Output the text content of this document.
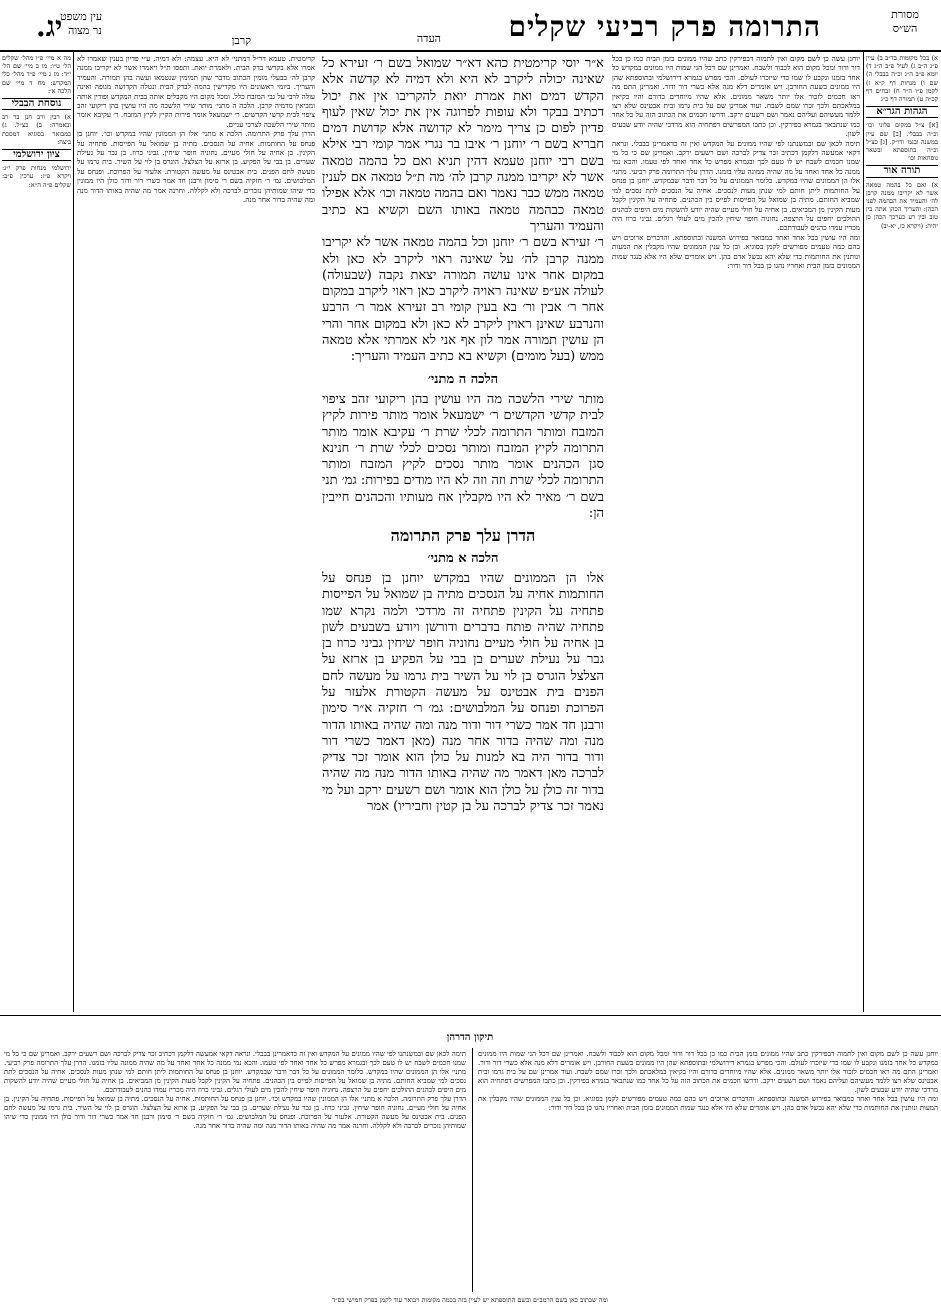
מסורת
הש״ס
התרומה פרק רביעי שקלים
קרבן	העדה
עין משפט
נר מצוה
יג.
א) בכל מקומות בד״ב ב) עיין פ״ג ה״ב ג) לעיל פ״ב ה״ג ד) יומא פ״ב ה״ג וכ״ה בבבלי ה) שם ו) מנחות דף ק״א ז) לקמן פ״ו ה״ד ח) זבחים דף קכ״ה ט) תמורה דף כ״ג
הגהות הגר״א
[א] צ״ל במקום פלוני וכו׳ וכ״ה בבבלי. [ב] שם עיין במשנה ובגמ׳ ודו״ק. [ג] כצ״ל וכ״ה בתוספתא ובשאר נוסחאות וכו׳
תורה אור
א) ואם כל בהמה טמאה אשר לא יקריבו ממנה קרבן לה׳ והעמיד את הבהמה לפני הכהן: והעריך הכהן אתה בין טוב ובין רע כערכך הכהן כן יהיה: (ויקרא כז, יא-יב)
יוחנן עשה כן לשם מקום ואין לתמוה דבפירקין כתב שהיו ממונים בזמן הבית כמו כן בכל דור ודור ומכל מקום הוא לכבוד ולשבח. ואמרינן שם דכל הני שמות היו ממונים במקדש כל אחד בזמנו ונקבע לו שמו כדי שיזכרו לעולם. והכי מפרש בגמרא דירושלמי ובתוספתא שהן היו ממונים בשעת החורבן. ויש אומרים דלא מנה אלא כשרי דור ודור. ואמרינן התם מה ראו חכמים לזכור אלו יותר משאר ממונים. אלא שהיו מיוחדים בדורם והיו בקיאין במלאכתם ולכך זכרו שמם לשבח. ועוד אמרינן שם על בית גרמו ובית אבטינס שלא רצו ללמד מעשיהם ועליהם נאמר ושם רשעים ירקב. ודרשו חכמים את הכתוב הזה על כל אחד כמו שנתבאר בגמרא בפירקין. וכן כתבו המפרשים דפתחיה הוא מרדכי שהיה יודע שבעים לשון.
תימה לכאן שם ובמשנתנו לפי שהיו ממונים על המקדש ואין זה כדאמרינן בבבלי. ונראה דקאי אמעשה דלקמן דכתיב זכר צדיק לברכה ושם רשעים ירקב. ואמרינן שם כי כל מי שמנו חכמים לשבח יש לו טעם לכך ובגמרא מפרש כל אחד ואחד לפי טעמו. והכא נמי ממנה כל אחד ואחד על מה שהיה ממונה עליו בזמנו. הדרן עלך התרומה פרק רביעי. מתני׳ אלו הן הממונים שהיו במקדש. כלומר הממונים על כל דבר ודבר שבמקדש. יוחנן בן פנחס על החותמות ליתן חותם למי שנתן מעות לנסכים. אחיה על הנסכים לתת נסכים למי שמביא החותם. מתיה בן שמואל על הפייסות לפייס בין הכהנים. פתחיה על הקינין לקבל מעות הקינין מן המביאים. בן אחיה על חולי מעיים שהיה יודע להשקות מים היפים לכהנים ההולכים יחפים על הרצפה. נחוניה חופר שיחין להכין מים לעולי רגלים. גביני כרוז היה מכריז עמדו כהנים לעבודתכם.
ומה היו עושין בכל אחד ואחד כמבואר בפירוש המשנה ובתוספתא. והדברים ארוכים ויש בהם כמה טעמים מפורשים לקמן בסוגיא. וכן כל ענין הממונים שהיו מקבלין את המעות ונותנין את החותמות כדי שלא יהא נכשל אדם בהן. ויש אומרים שלא היו אלא כנגד שמות הממונים בזמן הבית ואחריו נהגו כן בכל דור ודור:
א״ר יוסי קרימטית כהא דא״ר שמואל בשם ר׳ זעירא כל שאינה יכולה ליקרב לא היא ולא דמיה לא קדשה אלא הקדש דמים ואת אמרת יואת להקריבו אין את יכול דכתיב בבקר ולא עופות לפרוגה אין את יכול שאין לעוף פדיון לפום כן צריך מימר לא קדושה אלא קדושת דמים חבריא בשם ר׳ יוחנן ר׳ איבו בר נגרי אמר קומי רבי אילא בשם רבי יוחנן טעמא דהין תניא ואם כל בהמה טמאה אשר לא יקריבו ממנה קרבן לה׳ מה ת״ל טמאה אם לענין טמאה ממש כבר נאמר ואם בהמה טמאה וכו׳ אלא אפילו טמאה כבהמה טמאה באותו השם וקשיא בא כתיב והעמיד והעריך
ר׳ זעירא בשם ר׳ יוחנן וכל בהמה טמאה אשר לא יקריבו ממנה קרבן לה׳ על שאינה ראוי ליקרב לא כאן ולא במקום אחר אינו עושה תמורה יצאת נקבה (שבעולה) לעולה אע״פ שאינה ראויה ליקרב כאן ראוי ליקרב במקום אחר ר׳ אבין ור׳ בא בעין קומי רב זעירא אמר ר׳ הרבע והנרבע שאינן ראוין ליקרב לא כאן ולא במקום אחר והרי הן עושין תמורה אמר לון אף אני לא אמרתי אלא טמאה ממש (בעל מומים) וקשיא בא כתיב העמיד והעריך:
הלכה ה מתני׳
מותר שירי הלשכה מה היו עושין בהן ריקועי זהב ציפוי לבית קדשי הקדשים ר׳ ישמעאל אומר מותר פירות לקיץ המזבח ומותר התרומה לכלי שרת ר׳ עקיבא אומר מותר התרומה לקיץ המזבח ומותר נסכים לכלי שרת ר׳ חנינא סגן הכהנים אומר מותר נסכים לקיץ המזבח ומותר התרומה לכלי שרת וזה וזה לא היו מודים בפירות: גמ׳ תני בשם ר׳ מאיר לא היו מקבלין אח מעותיו והכהנים חייבין הן:
הדרן עלך פרק התרומה
הלכה א מתני׳
אלו הן הממונים שהיו במקדש יוחנן בן פנחס על החותמות אחיה על הנסכים מתיה בן שמואל על הפייסות פתחיה על הקינין פתחיה זה מרדכי ולמה נקרא שמו פתחיה שהיה פותח בדברים ודורשן ויודע בשבעים לשון בן אחיה על חולי מעיים נחוניה חופר שיחין גביני כרוז בן גבר על נעילת שערים בן בבי על הפקיע בן ארזא על הצלצל הוגרס בן לוי על השיר בית גרמו על מעשה לחם הפנים בית אבטינס על מעשה הקטורת אלעזר על הפרוכת ופנחס על המלבושים: גמ׳ ר׳ חזקיה א״ר סימון ורבנן חד אמר כשרי דור ודור מנה ומה שהיה באותו הדור מנה ומה שהיה בדור אחר מנה (מאן דאמר כשרי דור ודור בדור היה בא למנות על כולן הוא אומר זכר צדיק לברכה מאן דאמר מה שהיה באותו הדור מנה מה שהיה בדור זה כולן על כולן הוא אומר ושם רשעים ירקב ועל מי נאמר זכר צדיק לברכה על בן קטין וחביריו) אמר
קרימטית. טעמא דר״ל דמתני׳ לא היא. עצמה: ולא דמיה. ע״י פדיון בענין שאמרו לא אמרו אלא בקדשי בדק הבית. ולאמרת יואת. ותפסו ת״ל ויאמרו אשר לא יקריבו ממנה קרבן לה׳ בבעלי מומין הכתוב מדבר שהן תמימין שנטמאו ועשה בהן תמורה. והעמיד והעריך. ביומי ראשונים היו מקדישין בהמה לבדק הבית ונטלה הקדושה מגופה ואינה עולה לרבי על גבי המזבח כלל. ומכל מקום היו מקבלים אותה בבית המקדש ופודין אותה ומביאין מדמיה קרבן. הלכה ה מתני׳ מותר שירי הלשכה מה היו עושין בהן ריקועי זהב ציפוי לבית קדשי הקדשים. ר׳ ישמעאל אומר פירות הקיץ לקיץ המזבח. ר׳ עקיבא אומר מותר שירי הלשכה לצרכי עניים.
הדרן עלך פרק התרומה. הלכה א מתני׳ אלו הן הממונין שהיו במקדש וכו׳. יוחנן בן פנחס על החותמות. אחיה על הנסכים. מתיה בן שמואל על הפייסות. פתחיה על הקינין. בן אחיה על חולי מעיים. נחוניה חופר שיחין. גביני כרוז. בן גבר על נעילת שערים. בן בבי על הפקיע. בן ארזא על הצלצל. הוגרס בן לוי על השיר. בית גרמו על מעשה לחם הפנים. בית אבטינס על מעשה הקטורת. אלעזר על הפרוכת. ופנחס על המלבושים. גמ׳ ר׳ חזקיה בשם ר׳ סימון ורבנן חד אמר כשרי דור ודור כולן היו ממונין כדי שיהו שמותיהן נזכרים לברכה ולא לקללה. וחרנה אמר מה שהיה באותו הדור מנה ומה שהיה בדור אחר מנה.
מה א מיי׳ פ״ו מהל׳ שקלים הל׳ ט״ו: מו ב מיי׳ שם הל׳ י״ד: מז ג מיי׳ פ״ד מהל׳ כלי המקדש: מח ד מיי׳ שם הלכה א׳:
נוסחת הבבלי
א) רבין ורב חנן בר רב ובאמרה: ב) כצ״ל. ג) כמבואר בסוגיא דמסכת ביצה:
ציון ירושלמי
ירושלמי מנחות פרק י״ג: ויקרא פ״ז: ערכין פ״ב: שקלים פ״ה ה״א:
תיקון הדרהן
יוחנן עשה כן לשם מקום ואין לתמוה דבפירקין כתב שהיו ממונים בזמן הבית כמו כן בכל דור ודור ומכל מקום הוא לכבוד ולשבח. ואמרינן שם דכל הני שמות היו ממונים במקדש כל אחד בזמנו ונקבע לו שמו כדי שיזכרו לעולם. והכי מפרש בגמרא דירושלמי ובתוספתא שהן היו ממונים בשעת החורבן. ויש אומרים דלא מנה אלא כשרי דור ודור. ואמרינן התם מה ראו חכמים לזכור אלו יותר משאר ממונים. אלא שהיו מיוחדים בדורם והיו בקיאין במלאכתם ולכך זכרו שמם לשבח. ועוד אמרינן שם על בית גרמו ובית אבטינס שלא רצו ללמד מעשיהם ועליהם נאמר ושם רשעים ירקב. ודרשו חכמים את הכתוב הזה על כל אחד כמו שנתבאר בגמרא בפירקין. וכן כתבו המפרשים דפתחיה הוא מרדכי שהיה יודע שבעים לשון.
ומה היו עושין בכל אחד ואחד כמבואר בפירוש המשנה ובתוספתא. והדברים ארוכים ויש בהם כמה טעמים מפורשים לקמן בסוגיא. וכן כל ענין הממונים שהיו מקבלין את המעות ונותנין את החותמות כדי שלא יהא נכשל אדם בהן. ויש אומרים שלא היו אלא כנגד שמות הממונים בזמן הבית ואחריו נהגו כן בכל דור ודור:
תימה לכאן שם ובמשנתנו לפי שהיו ממונים על המקדש ואין זה כדאמרינן בבבלי. ונראה דקאי אמעשה דלקמן דכתיב זכר צדיק לברכה ושם רשעים ירקב. ואמרינן שם כי כל מי שמנו חכמים לשבח יש לו טעם לכך ובגמרא מפרש כל אחד ואחד לפי טעמו. והכא נמי ממנה כל אחד ואחד על מה שהיה ממונה עליו בזמנו. הדרן עלך התרומה פרק רביעי. מתני׳ אלו הן הממונים שהיו במקדש. כלומר הממונים על כל דבר ודבר שבמקדש. יוחנן בן פנחס על החותמות ליתן חותם למי שנתן מעות לנסכים. אחיה על הנסכים לתת נסכים למי שמביא החותם. מתיה בן שמואל על הפייסות לפייס בין הכהנים. פתחיה על הקינין לקבל מעות הקינין מן המביאים. בן אחיה על חולי מעיים שהיה יודע להשקות מים היפים לכהנים ההולכים יחפים על הרצפה. נחוניה חופר שיחין להכין מים לעולי רגלים. גביני כרוז היה מכריז עמדו כהנים לעבודתכם.
הדרן עלך פרק התרומה. הלכה א מתני׳ אלו הן הממונין שהיו במקדש וכו׳. יוחנן בן פנחס על החותמות. אחיה על הנסכים. מתיה בן שמואל על הפייסות. פתחיה על הקינין. בן אחיה על חולי מעיים. נחוניה חופר שיחין. גביני כרוז. בן גבר על נעילת שערים. בן בבי על הפקיע. בן ארזא על הצלצל. הוגרס בן לוי על השיר. בית גרמו על מעשה לחם הפנים. בית אבטינס על מעשה הקטורת. אלעזר על הפרוכת. ופנחס על המלבושים. גמ׳ ר׳ חזקיה בשם ר׳ סימון ורבנן חד אמר כשרי דור ודור כולן היו ממונין כדי שיהו שמותיהן נזכרים לברכה ולא לקללה. וחרנה אמר מה שהיה באותו הדור מנה ומה שהיה בדור אחר מנה.
ומה שכתוב כאן בשם הרמב״ם ובשם התוספתא יש לעיין בזה בכמה מקומות ויבואר עוד לקמן בפרק חמישי בס״ד
